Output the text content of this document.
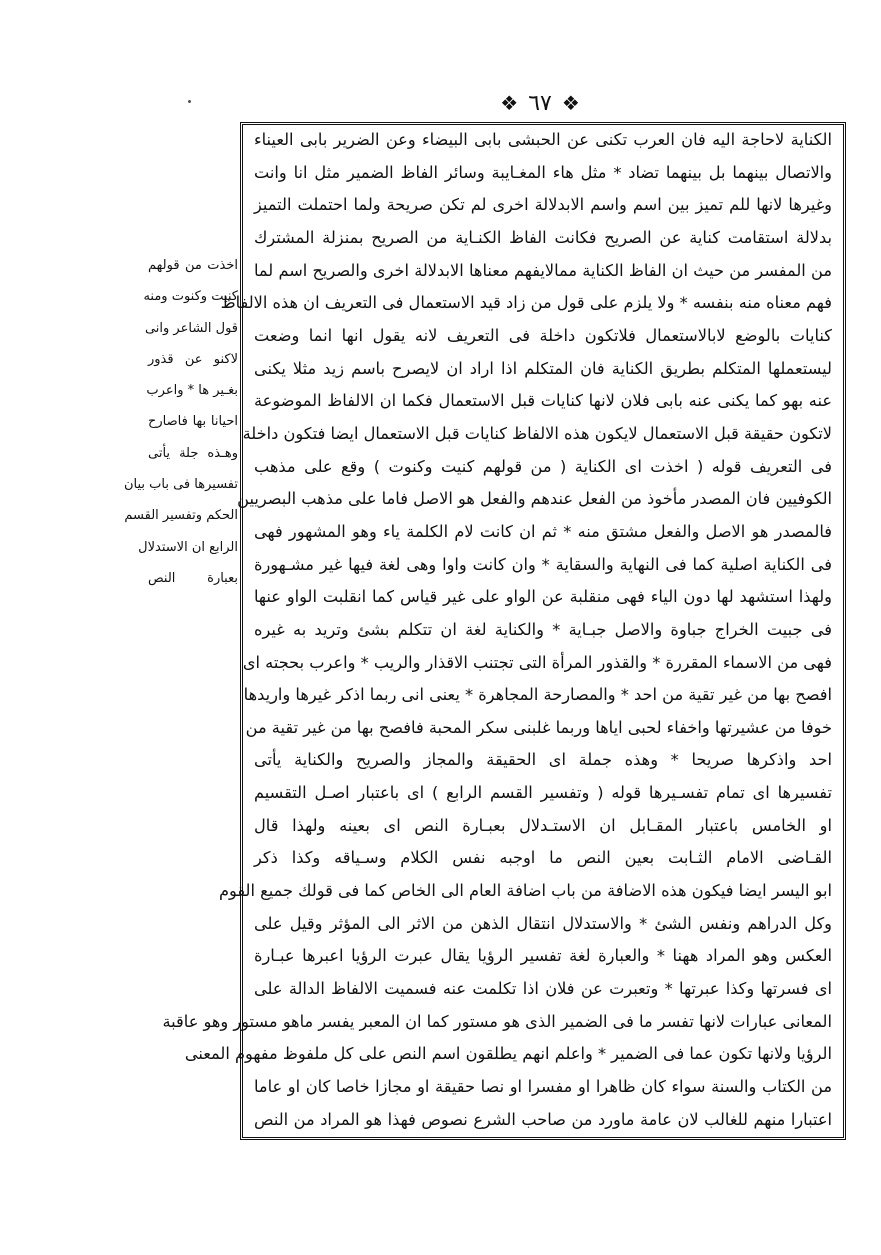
❖
٦٧
❖
الكناية لاحاجة اليه فان العرب تكنى عن الحبشى بابى البيضاء وعن الضرير بابى العيناء
والاتصال بينهما بل بينهما تضاد * مثل هاء المغـايبة وسائر الفاظ الضمير مثل انا وانت
وغيرها لانها للم تميز بين اسم واسم الابدلالة اخرى لم تكن صريحة ولما احتملت التميز
بدلالة استقامت كناية عن الصريح فكانت الفاظ الكنـاية من الصريح بمنزلة المشترك
من المفسر من حيث ان الفاظ الكناية ممالايفهم معناها الابدلالة اخرى والصريح اسم لما
فهم معناه منه بنفسه * ولا يلزم على قول من زاد قيد الاستعمال فى التعريف ان هذه الالفاظ
كنايات بالوضع لابالاستعمال فلاتكون داخلة فى التعريف لانه يقول انها انما وضعت
ليستعملها المتكلم بطريق الكناية فان المتكلم اذا اراد ان لايصرح باسم زيد مثلا يكنى
عنه بهو كما يكنى عنه بابى فلان لانها كنايات قبل الاستعمال فكما ان الالفاظ الموضوعة
لاتكون حقيقة قبل الاستعمال لايكون هذه الالفاظ كنايات قبل الاستعمال ايضا فتكون داخلة
فى التعريف قوله ( اخذت اى الكناية ( من قولهم كنيت وكنوت ) وقع على مذهب
الكوفيين فان المصدر مأخوذ من الفعل عندهم والفعل هو الاصل فاما على مذهب البصريين
فالمصدر هو الاصل والفعل مشتق منه * ثم ان كانت لام الكلمة ياء وهو المشهور فهى
فى الكناية اصلية كما فى النهاية والسقاية * وان كانت واوا وهى لغة فيها غير مشـهورة
ولهذا استشهد لها دون الياء فهى منقلبة عن الواو على غير قياس كما انقلبت الواو عنها
فى جبيت الخراج جباوة والاصل جبـاية * والكناية لغة ان تتكلم بشئ وتريد به غيره
فهى من الاسماء المقررة * والقذور المرأة التى تجتنب الاقذار والريب * واعرب بحجته اى
افصح بها من غير تقية من احد * والمصارحة المجاهرة * يعنى انى ربما اذكر غيرها واريدها
خوفا من عشيرتها واخفاء لحبى اياها وربما غلبنى سكر المحبة فافصح بها من غير تقية من
احد واذكرها صريحا * وهذه جملة اى الحقيقة والمجاز والصريح والكناية يأتى
تفسيرها اى تمام تفسـيرها قوله ( وتفسير القسم الرابع ) اى باعتبار اصـل التقسيم
او الخامس باعتبار المقـابل ان الاستـدلال بعبـارة النص اى بعينه ولهذا قال
القـاضى الامام الثـابت بعين النص ما اوجبه نفس الكلام وسـياقه وكذا ذكر
ابو اليسر ايضا فيكون هذه الاضافة من باب اضافة العام الى الخاص كما فى قولك جميع القوم
وكل الدراهم ونفس الشئ * والاستدلال انتقال الذهن من الاثر الى المؤثر وقيل على
العكس وهو المراد ههنا * والعبارة لغة تفسير الرؤيا يقال عبرت الرؤيا اعبرها عبـارة
اى فسرتها وكذا عبرتها * وتعبرت عن فلان اذا تكلمت عنه فسميت الالفاظ الدالة على
المعانى عبارات لانها تفسر ما فى الضمير الذى هو مستور كما ان المعبر يفسر ماهو مستور وهو عاقبة
الرؤيا ولانها تكون عما فى الضمير * واعلم انهم يطلقون اسم النص على كل ملفوظ مفهوم المعنى
من الكتاب والسنة سواء كان ظاهرا او مفسرا او نصا حقيقة او مجازا خاصا كان او عاما
اعتبارا منهم للغالب لان عامة ماورد من صاحب الشرع نصوص فهذا هو المراد من النص
اخذت من قولهم
كنيت وكنوت ومنه
قول الشاعر وانى
لاكنو عن قذور
بغـير ها * واعرب
احيانا بها فاصارح
وهـذه جلة يأتى
تفسيرها فى باب بيان
الحكم وتفسير القسم
الرابع ان الاستدلال
بعبارة النص
